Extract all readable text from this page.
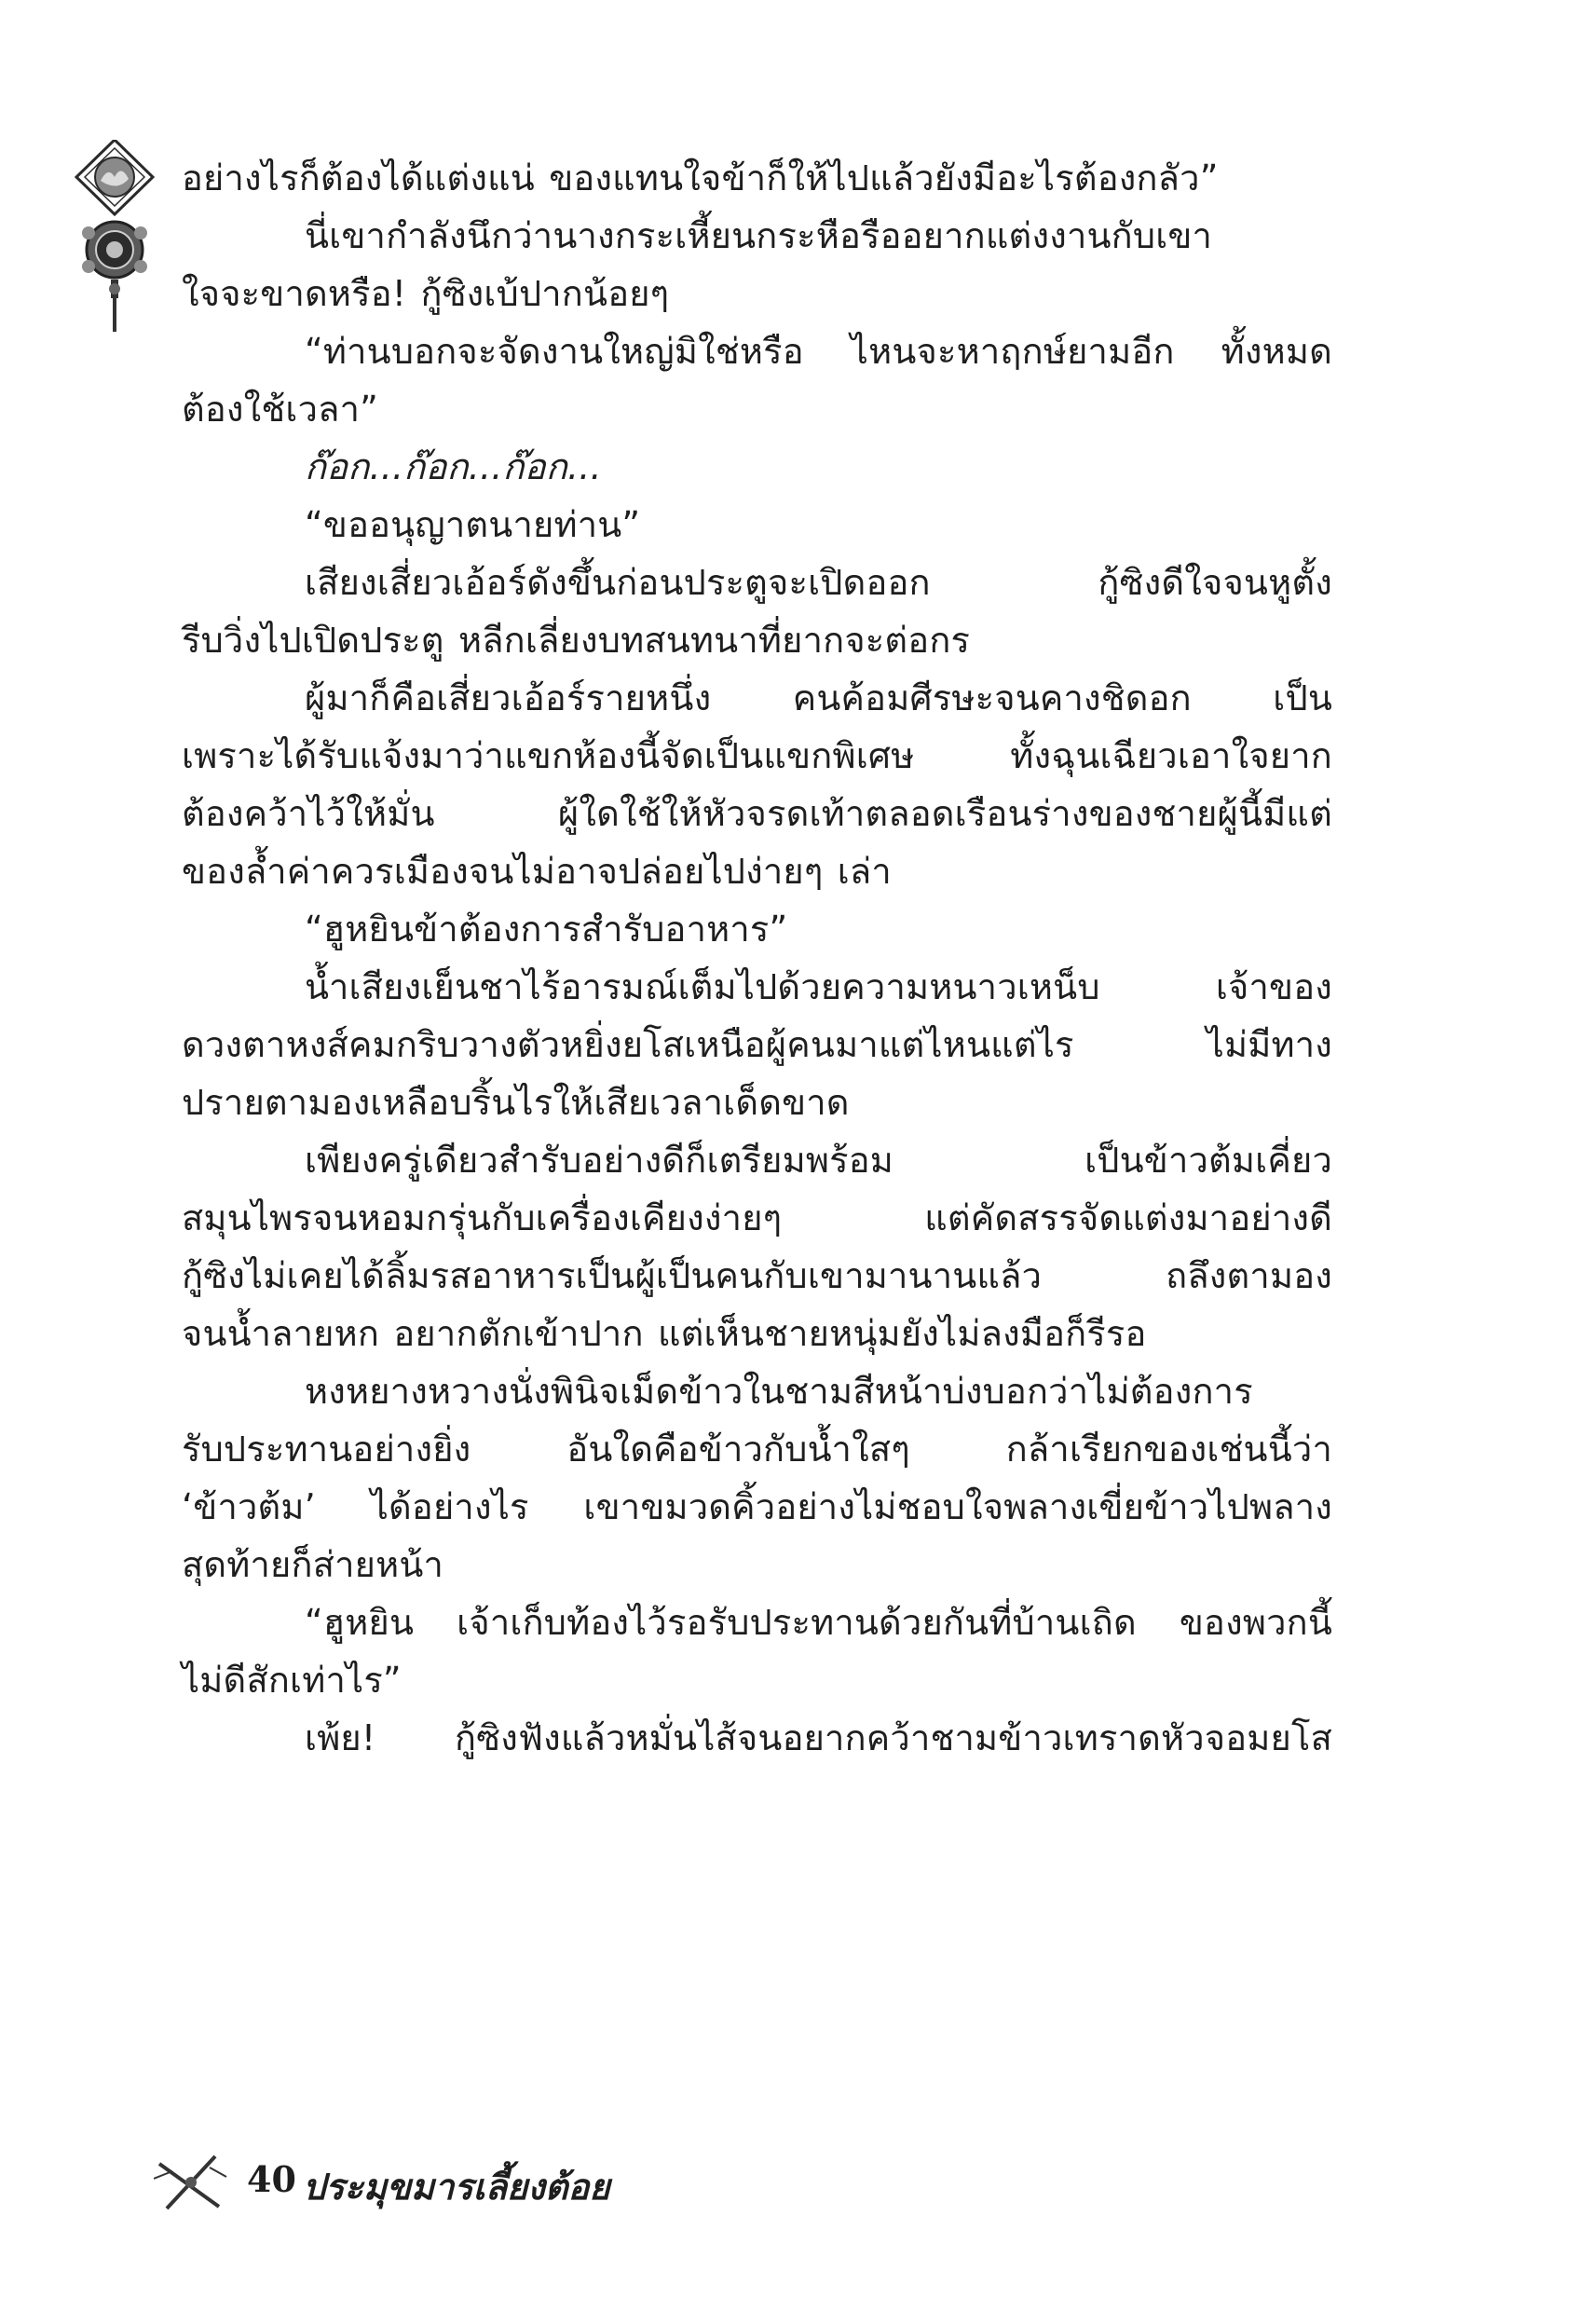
อย่างไรก็ต้องได้แต่งแน่ ของแทนใจข้าก็ให้ไปแล้วยังมีอะไรต้องกลัว”
นี่เขากำลังนึกว่านางกระเหี้ยนกระหือรืออยากแต่งงานกับเขา
ใจจะขาดหรือ! กู้ซิงเบ้ปากน้อยๆ
“ท่านบอกจะจัดงานใหญ่มิใช่หรือ ไหนจะหาฤกษ์ยามอีก ทั้งหมด
ต้องใช้เวลา”
ก๊อก...ก๊อก...ก๊อก...
“ขออนุญาตนายท่าน”
เสียงเสี่ยวเอ้อร์ดังขึ้นก่อนประตูจะเปิดออก กู้ซิงดีใจจนหูตั้ง
รีบวิ่งไปเปิดประตู หลีกเลี่ยงบทสนทนาที่ยากจะต่อกร
ผู้มาก็คือเสี่ยวเอ้อร์รายหนึ่ง คนค้อมศีรษะจนคางชิดอก เป็น
เพราะได้รับแจ้งมาว่าแขกห้องนี้จัดเป็นแขกพิเศษ ทั้งฉุนเฉียวเอาใจยาก
ต้องคว้าไว้ให้มั่น ผู้ใดใช้ให้หัวจรดเท้าตลอดเรือนร่างของชายผู้นี้มีแต่
ของล้ำค่าควรเมืองจนไม่อาจปล่อยไปง่ายๆ เล่า
“ฮูหยินข้าต้องการสำรับอาหาร”
น้ำเสียงเย็นชาไร้อารมณ์เต็มไปด้วยความหนาวเหน็บ เจ้าของ
ดวงตาหงส์คมกริบวางตัวหยิ่งยโสเหนือผู้คนมาแต่ไหนแต่ไร ไม่มีทาง
ปรายตามองเหลือบริ้นไรให้เสียเวลาเด็ดขาด
เพียงครู่เดียวสำรับอย่างดีก็เตรียมพร้อม เป็นข้าวต้มเคี่ยว
สมุนไพรจนหอมกรุ่นกับเครื่องเคียงง่ายๆ แต่คัดสรรจัดแต่งมาอย่างดี
กู้ซิงไม่เคยได้ลิ้มรสอาหารเป็นผู้เป็นคนกับเขามานานแล้ว ถลึงตามอง
จนน้ำลายหก อยากตักเข้าปาก แต่เห็นชายหนุ่มยังไม่ลงมือก็รีรอ
หงหยางหวางนั่งพินิจเม็ดข้าวในชามสีหน้าบ่งบอกว่าไม่ต้องการ
รับประทานอย่างยิ่ง อันใดคือข้าวกับน้ำใสๆ กล้าเรียกของเช่นนี้ว่า
‘ข้าวต้ม’ ได้อย่างไร เขาขมวดคิ้วอย่างไม่ชอบใจพลางเขี่ยข้าวไปพลาง
สุดท้ายก็ส่ายหน้า
“ฮูหยิน เจ้าเก็บท้องไว้รอรับประทานด้วยกันที่บ้านเถิด ของพวกนี้
ไม่ดีสักเท่าไร”
เพ้ย! กู้ซิงฟังแล้วหมั่นไส้จนอยากคว้าชามข้าวเทราดหัวจอมยโส
40 ประมุขมารเลี้ยงต้อย
